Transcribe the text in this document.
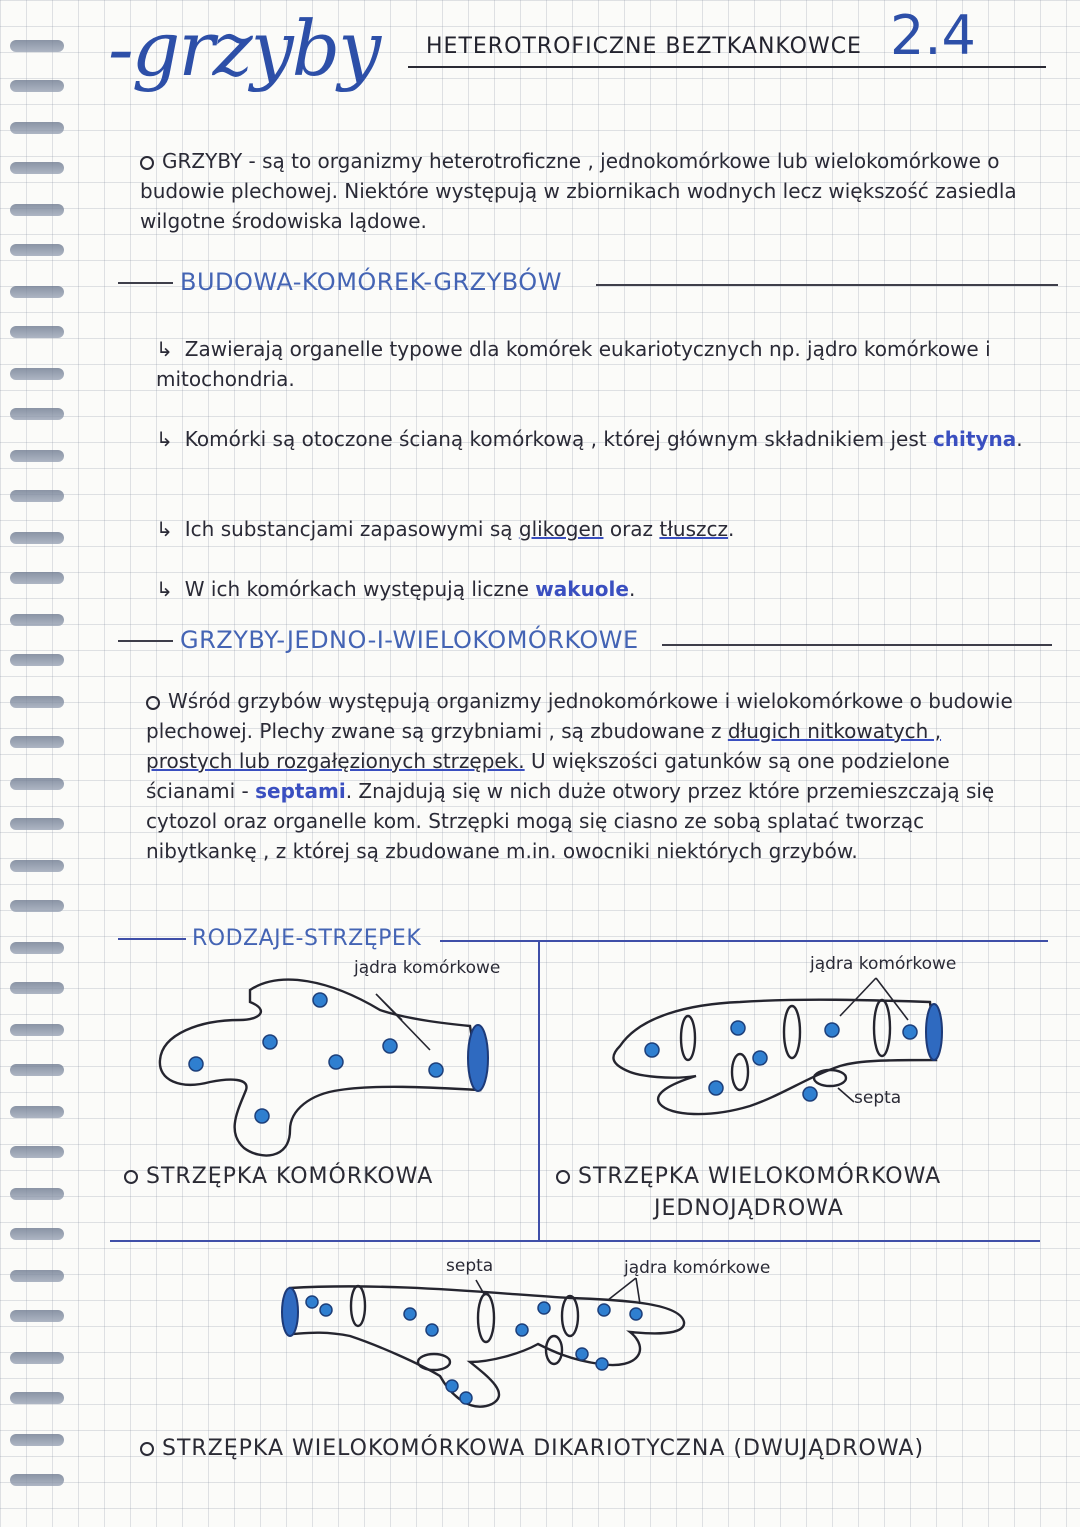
-grzyby HETEROTROFICZNE BEZTKANKOWCE 2.4
GRZYBY - są to organizmy heterotroficzne , jednokomórkowe lub wielokomórkowe o budowie plechowej. Niektóre występują w zbiornikach wodnych lecz większość zasiedla wilgotne środowiska lądowe.
BUDOWA-KOMÓREK-GRZYBÓW
↳ Zawierają organelle typowe dla komórek eukariotycznych np. jądro komórkowe i mitochondria.
↳ Komórki są otoczone ścianą komórkową , której głównym składnikiem jest chityna.
↳ Ich substancjami zapasowymi są glikogen oraz tłuszcz.
↳ W ich komórkach występują liczne wakuole.
GRZYBY-JEDNO-I-WIELOKOMÓRKOWE
Wśród grzybów występują organizmy jednokomórkowe i wielokomórkowe o budowie plechowej. Plechy zwane są grzybniami , są zbudowane z długich nitkowatych , prostych lub rozgałęzionych strzępek. U większości gatunków są one podzielone ścianami - septami. Znajdują się w nich duże otwory przez które przemieszczają się cytozol oraz organelle kom. Strzępki mogą się ciasno ze sobą splatać tworząc nibytkankę , z której są zbudowane m.in. owocniki niektórych grzybów.
RODZAJE-STRZĘPEK
jądra komórkowe
STRZĘPKA KOMÓRKOWA
jądra komórkowe
septa
STRZĘPKA WIELOKOMÓRKOWA
JEDNOJĄDROWA
septa	jądra komórkowe
STRZĘPKA WIELOKOMÓRKOWA DIKARIOTYCZNA (DWUJĄDROWA)
